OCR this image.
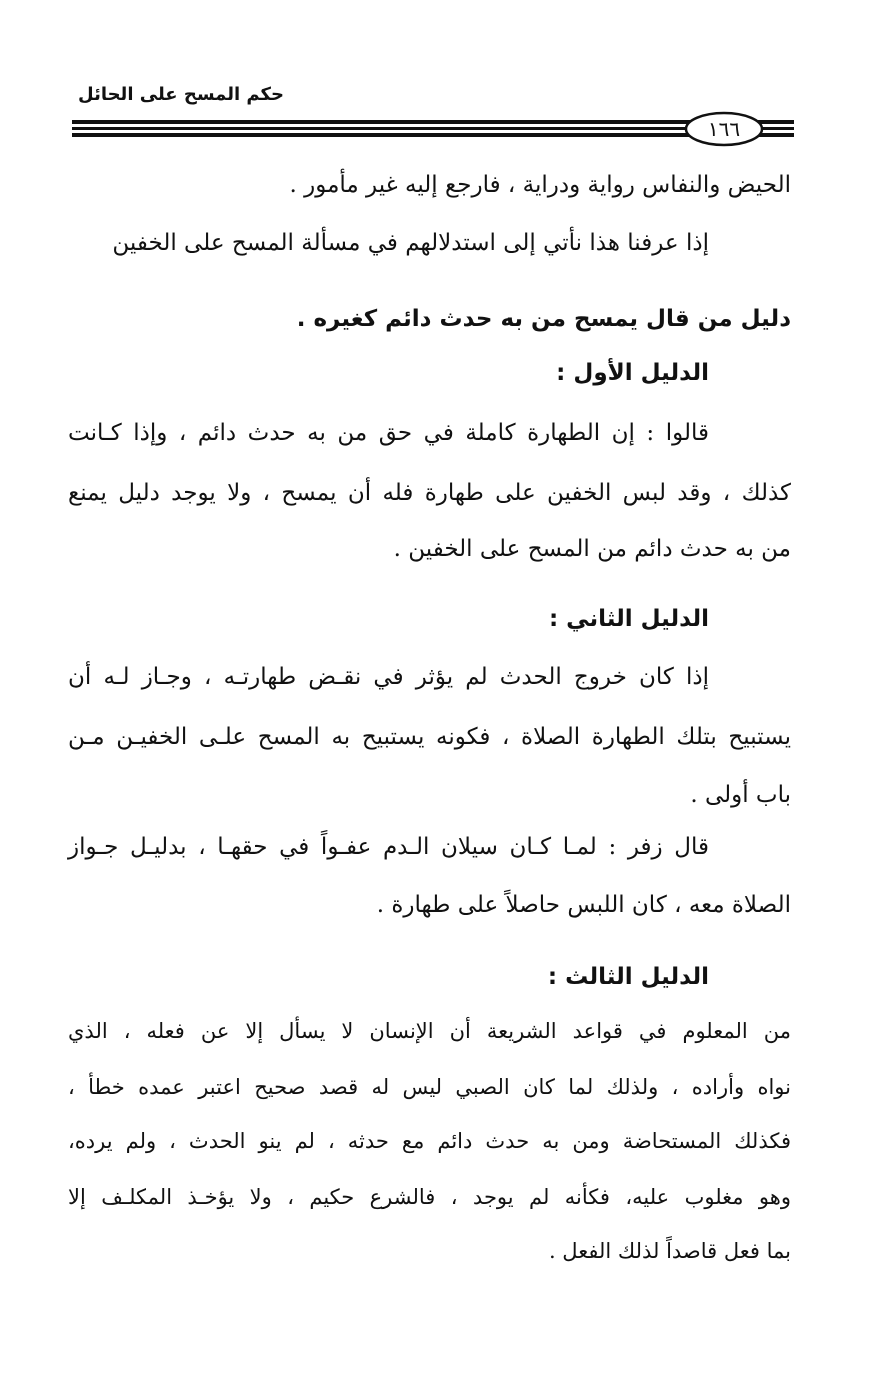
حكم المسح على الحائل
١٦٦
الحيض والنفاس رواية ودراية ، فارجع إليه غير مأمور .
إذا عرفنا هذا نأتي إلى استدلالهم في مسألة المسح على الخفين
دليل من قال يمسح من به حدث دائم كغيره .
الدليل الأول :
قالوا : إن الطهارة كاملة في حق من به حدث دائم ، وإذا كـانت
كذلك ، وقد لبس الخفين على طهارة فله أن يمسح ، ولا يوجد دليل يمنع
من به حدث دائم من المسح على الخفين .
الدليل الثاني :
إذا كان خروج الحدث لم يؤثر في نقـض طهارتـه ، وجـاز لـه أن
يستبيح بتلك الطهارة الصلاة ، فكونه يستبيح به المسح علـى الخفيـن مـن
باب أولى .
قال زفر : لمـا كـان سيلان الـدم عفـواً في حقهـا ، بدليـل جـواز
الصلاة معه ، كان اللبس حاصلاً على طهارة .
الدليل الثالث :
من المعلوم في قواعد الشريعة أن الإنسان لا يسأل إلا عن فعله ، الذي
نواه وأراده ، ولذلك لما كان الصبي ليس له قصد صحيح اعتبر عمده خطأ ،
فكذلك المستحاضة ومن به حدث دائم مع حدثه ، لم ينو الحدث ، ولم يرده،
وهو مغلوب عليه، فكأنه لم يوجد ، فالشرع حكيم ، ولا يؤخـذ المكلـف إلا
بما فعل قاصداً لذلك الفعل .
